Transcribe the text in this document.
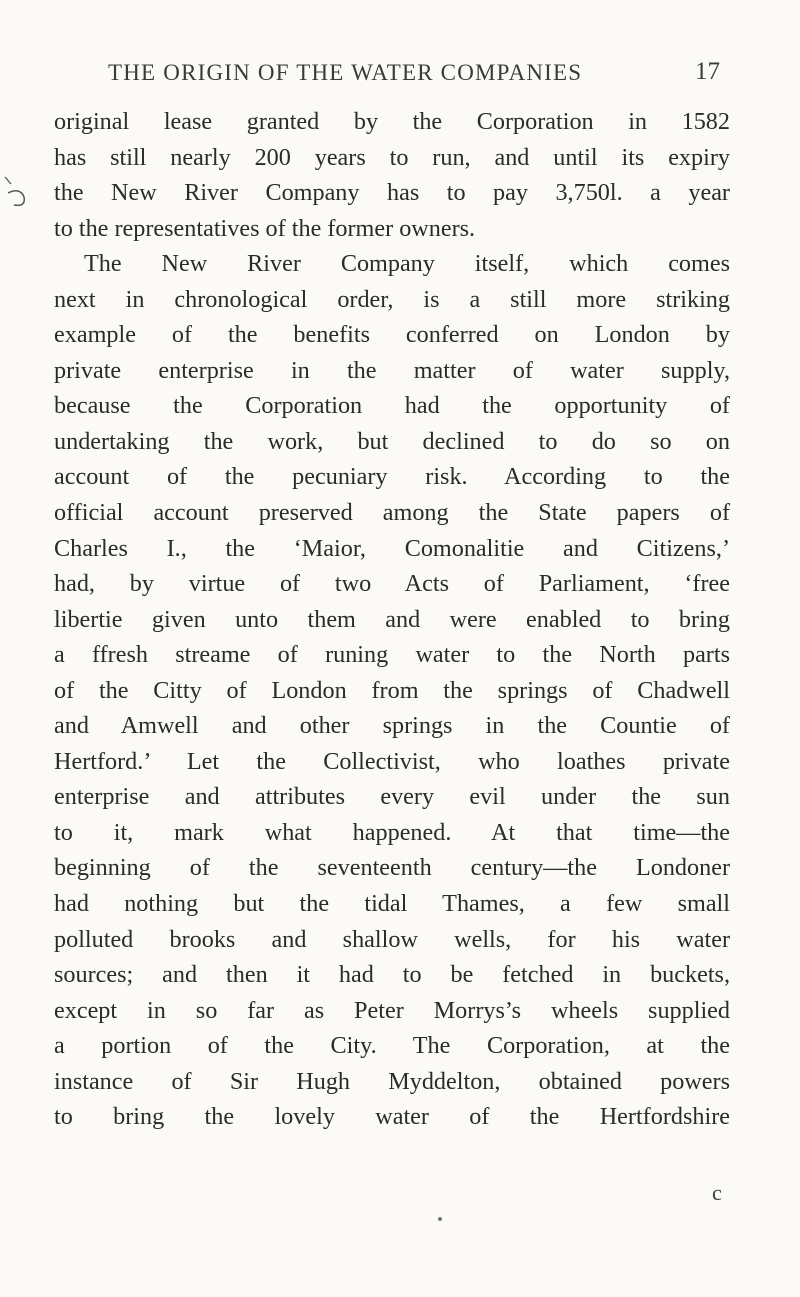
THE ORIGIN OF THE WATER COMPANIES	17
original lease granted by the Corporation in 1582
has still nearly 200 years to run, and until its expiry
the New River Company has to pay 3,750l. a year
to the representatives of the former owners.
The New River Company itself, which comes
next in chronological order, is a still more striking
example of the benefits conferred on London by
private enterprise in the matter of water supply,
because the Corporation had the opportunity of
undertaking the work, but declined to do so on
account of the pecuniary risk. According to the
official account preserved among the State papers of
Charles I., the ‘Maior, Comonalitie and Citizens,’
had, by virtue of two Acts of Parliament, ‘free
libertie given unto them and were enabled to bring
a ffresh streame of runing water to the North parts
of the Citty of London from the springs of Chadwell
and Amwell and other springs in the Countie of
Hertford.’ Let the Collectivist, who loathes private
enterprise and attributes every evil under the sun
to it, mark what happened. At that time—the
beginning of the seventeenth century—the Londoner
had nothing but the tidal Thames, a few small
polluted brooks and shallow wells, for his water
sources; and then it had to be fetched in buckets,
except in so far as Peter Morrys’s wheels supplied
a portion of the City. The Corporation, at the
instance of Sir Hugh Myddelton, obtained powers
to bring the lovely water of the Hertfordshire
c
